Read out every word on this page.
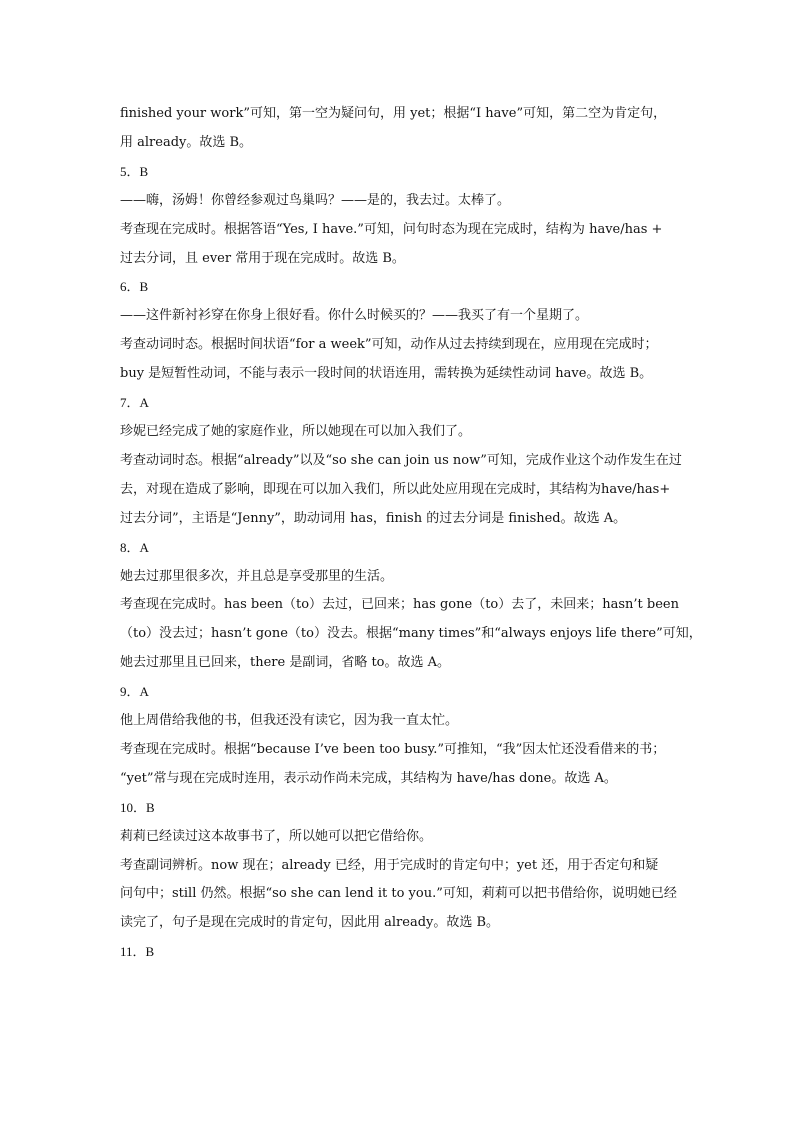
finished your work”可知，第一空为疑问句，用 yet；根据“I have”可知，第二空为肯定句，
用 already。故选 B。
5．B
——嗨，汤姆！你曾经参观过鸟巢吗？——是的，我去过。太棒了。
考查现在完成时。根据答语“Yes, I have.”可知，问句时态为现在完成时，结构为 have/has +
过去分词，且 ever 常用于现在完成时。故选 B。
6．B
——这件新衬衫穿在你身上很好看。你什么时候买的？——我买了有一个星期了。
考查动词时态。根据时间状语“for a week”可知，动作从过去持续到现在，应用现在完成时；
buy 是短暂性动词，不能与表示一段时间的状语连用，需转换为延续性动词 have。故选 B。
7．A
珍妮已经完成了她的家庭作业，所以她现在可以加入我们了。
考查动词时态。根据“already”以及“so she can join us now”可知，完成作业这个动作发生在过
去，对现在造成了影响，即现在可以加入我们，所以此处应用现在完成时，其结构为have/has+
过去分词”，主语是“Jenny”，助动词用 has，finish 的过去分词是 finished。故选 A。
8．A
她去过那里很多次，并且总是享受那里的生活。
考查现在完成时。has been（to）去过，已回来；has gone（to）去了，未回来；hasn’t been
（to）没去过；hasn’t gone（to）没去。根据“many times”和“always enjoys life there”可知，
她去过那里且已回来，there 是副词，省略 to。故选 A。
9．A
他上周借给我他的书，但我还没有读它，因为我一直太忙。
考查现在完成时。根据“because I’ve been too busy.”可推知，“我”因太忙还没看借来的书；
“yet”常与现在完成时连用，表示动作尚未完成，其结构为 have/has done。故选 A。
10．B
莉莉已经读过这本故事书了，所以她可以把它借给你。
考查副词辨析。now 现在；already 已经，用于完成时的肯定句中；yet 还，用于否定句和疑
问句中；still 仍然。根据“so she can lend it to you.”可知，莉莉可以把书借给你，说明她已经
读完了，句子是现在完成时的肯定句，因此用 already。故选 B。
11．B
